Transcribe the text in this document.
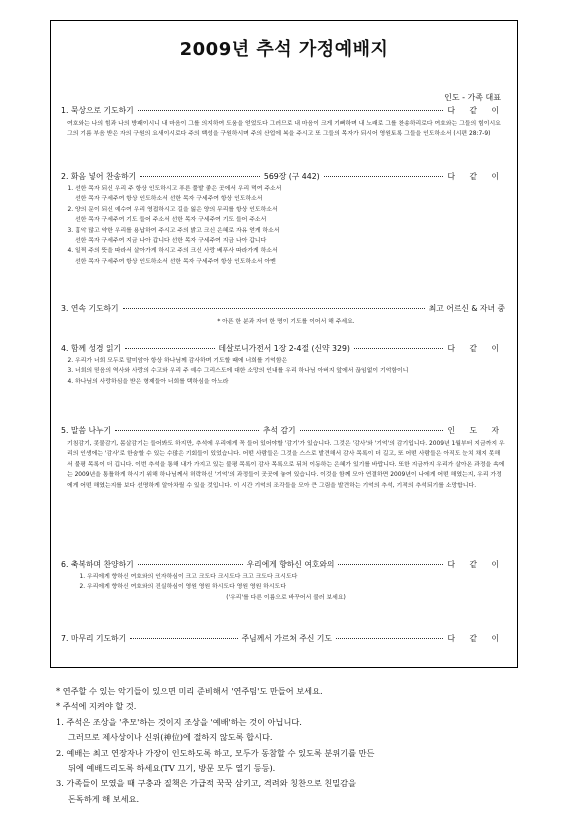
2009년 추석 가정예배지
인도 - 가족 대표
1. 묵상으로 기도하기	다 같 이

여호와는 나의 힘과 나의 방패이시니 내 마음이 그를 의지하여 도움을 얻었도다 그러므로 내 마음이 크게 기뻐하며 내 노래로 그를 찬송하리로다 여호와는 그들의 힘이시요 그의 기름 부음 받은 자의 구원의 요새이시로다 주의 백성을 구원하시며 주의 산업에 복을 주시고 또 그들의 목자가 되시어 영원토록 그들을 인도하소서 (시편 28:7-9)

2. 화음 넣어 찬송하기	569장 (구 442)	다 같 이
1. 선한 목자 되신 우리 주 항상 인도하시고 푸른 풀밭 좋은 곳에서 우리 먹여 주소서
선한 목자 구세주여 항상 인도하소서 선한 목자 구세주여 항상 인도하소서
2. 양의 문이 되신 예수여 우리 영접하시고 길을 잃은 양의 무리를 항상 인도하소서
선한 목자 구세주여 기도 들어 주소서 선한 목자 구세주여 기도 들어 주소서
3. 흉악 많고 약한 우리를 용납하여 주시고 주의 밝고 크신 은혜로 자유 얻게 하소서
선한 목자 구세주여 지금 나아 갑니다 선한 목자 구세주여 지금 나아 갑니다
4. 일찍 주의 뜻을 따라서 살아가게 하시고 주의 크신 사랑 베푸사 따라가게 하소서
선한 목자 구세주여 항상 인도하소서 선한 목자 구세주여 항상 인도하소서 아멘
3. 연속 기도하기	최고 어르신 & 자녀 중

* 아픈 한 분과 자녀 한 명이 기도를 이어서 해 주세요.

4. 함께 성경 읽기	데살로니가전서 1장 2-4절 (신약 329)	다 같 이
2. 우리가 너희 모두로 말미암아 항상 하나님께 감사하며 기도할 때에 너희를 기억함은
3. 너희의 믿음의 역사와 사랑의 수고와 우리 주 예수 그리스도에 대한 소망의 인내를 우리 하나님 아버지 앞에서 끊임없이 기억함이니
4. 하나님의 사랑하심을 받은 형제들아 너희를 택하심을 아노라
5. 말씀 나누기	추석 감기	인 도 자

기침감기, 콧물감기, 몸살감기는 들어봐도 하지만, 추석에 우리에게 꼭 들어 있어야할 '감기'가 있습니다. 그것은 '감사'와 '기억'의 감기입니다. 2009년 1월부터 지금까지 우리의 인생에는 '감사'로 한숨할 수 있는 수많은 기회들이 있었습니다. 어떤 사람들은 그것을 스스로 발견해서 감사 목록이 더 길고, 또 어떤 사람들은 아직도 눈치 채지 못해서 불평 목록이 더 깁니다. 이번 추석을 통해 내가 가지고 있는 불평 목록이 감사 목록으로 뒤처 이동하는 은혜가 있기를 바랍니다. 또한 지금까지 우리가 살아온 과정을 속에는 2009년을 통틀하게 하시기 위해 하나님께서 허락하신 '기억'의 과정들이 곳곳에 놓여 있습니다. 이것을 함께 모아 연결하면 2009년이 나에게 어떤 해였는지, 우리 가정에게 어떤 해였는지를 보다 선명하게 알아차릴 수 있을 것입니다. 이 시간 기억의 조각들을 모아 큰 그림을 발견하는 기억의 추석, 기적의 추석되기를 소망합니다.

6. 축복하며 찬양하기	우리에게 향하신 여호와의	다 같 이
1. 우리에게 향하신 여호와의 인자하심이 크고 크도다 크시도다 크고 크도다 크시도다
2. 우리에게 향하신 여호와의 진실하심이 영원 영원 하시도다 영원 영원 하시도다

('우리'를 다른 이름으로 바꾸어서 불러 보세요)

7. 마무리 기도하기	주님께서 가르쳐 주신 기도	다 같 이
* 연주할 수 있는 악기들이 있으면 미리 준비해서 '연주팀'도 만들어 보세요.
* 주석에 지켜야 할 것.
1. 주석은 조상을 '추모'하는 것이지 조상을 '예배'하는 것이 아닙니다.
그러므로 제사상이나 신위(神位)에 절하지 않도록 합시다.
2. 예배는 최고 연장자나 가장이 인도하도록 하고, 모두가 동참할 수 있도록 분위기를 만든
뒤에 예배드리도록 하세요(TV 끄기, 방문 모두 열기 등등).
3. 가족들이 모였을 때 구충과 질책은 가급적 꾹꾹 삼키고, 격려와 칭찬으로 친밀감을
돈독하게 해 보세요.
